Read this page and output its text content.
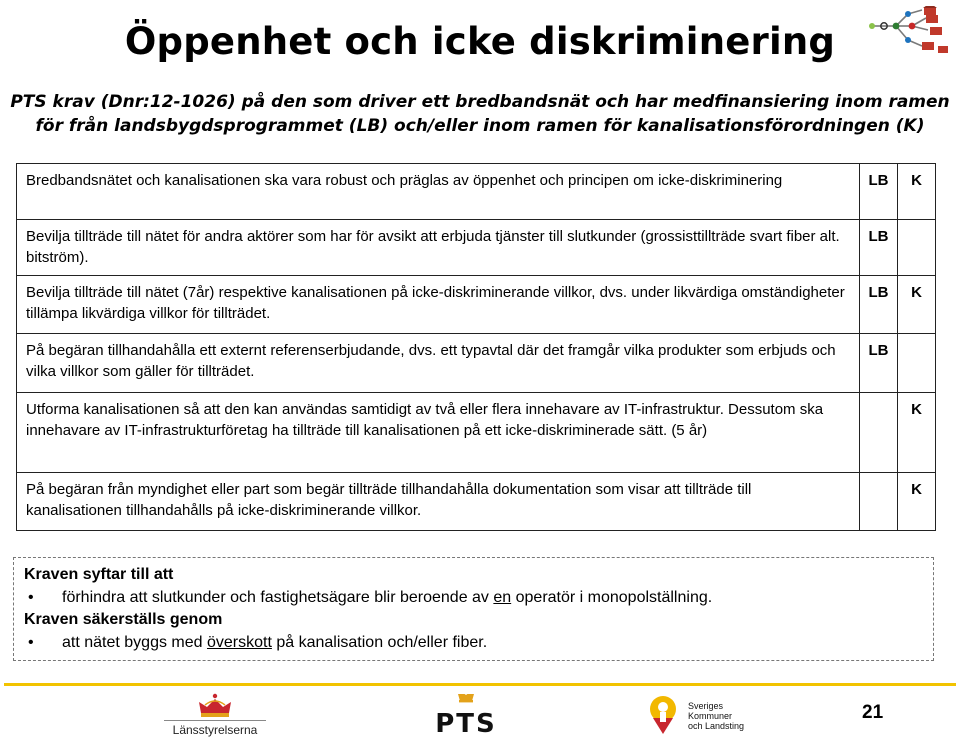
Öppenhet och icke diskriminering
PTS krav (Dnr:12-1026) på den som driver ett bredbandsnät och har medfinansiering inom ramen för från landsbygdsprogrammet (LB) och/eller inom ramen för kanalisationsförordningen (K)
Bredbandsnätet och kanalisationen ska vara robust och präglas av öppenhet och principen om icke-diskriminering	LB	K
Bevilja tillträde till nätet för andra aktörer som har för avsikt att erbjuda tjänster till slutkunder (grossisttillträde svart fiber alt. bitström).	LB	
Bevilja tillträde till nätet (7år) respektive kanalisationen på icke-diskriminerande villkor, dvs. under likvärdiga omständigheter tillämpa likvärdiga villkor för tillträdet.	LB	K
På begäran tillhandahålla ett externt referenserbjudande, dvs. ett typavtal där det framgår vilka produkter som erbjuds och vilka villkor som gäller för tillträdet.	LB	
Utforma kanalisationen så att den kan användas samtidigt av två eller flera innehavare av IT-infrastruktur. Dessutom ska innehavare av IT-infrastrukturföretag ha tillträde till kanalisationen på ett icke-diskriminerade sätt. (5 år)		K
På begäran från myndighet eller part som begär tillträde tillhandahålla dokumentation som visar att tillträde till kanalisationen tillhandahålls på icke-diskriminerande villkor.		K
Kraven syftar till att
•	förhindra att slutkunder och fastighetsägare blir beroende av en operatör i monopolställning.
Kraven säkerställs genom
•	att nätet byggs med överskott på kanalisation och/eller fiber.
Länsstyrelserna	PTS
Sveriges
Kommuner
och Landsting
21
